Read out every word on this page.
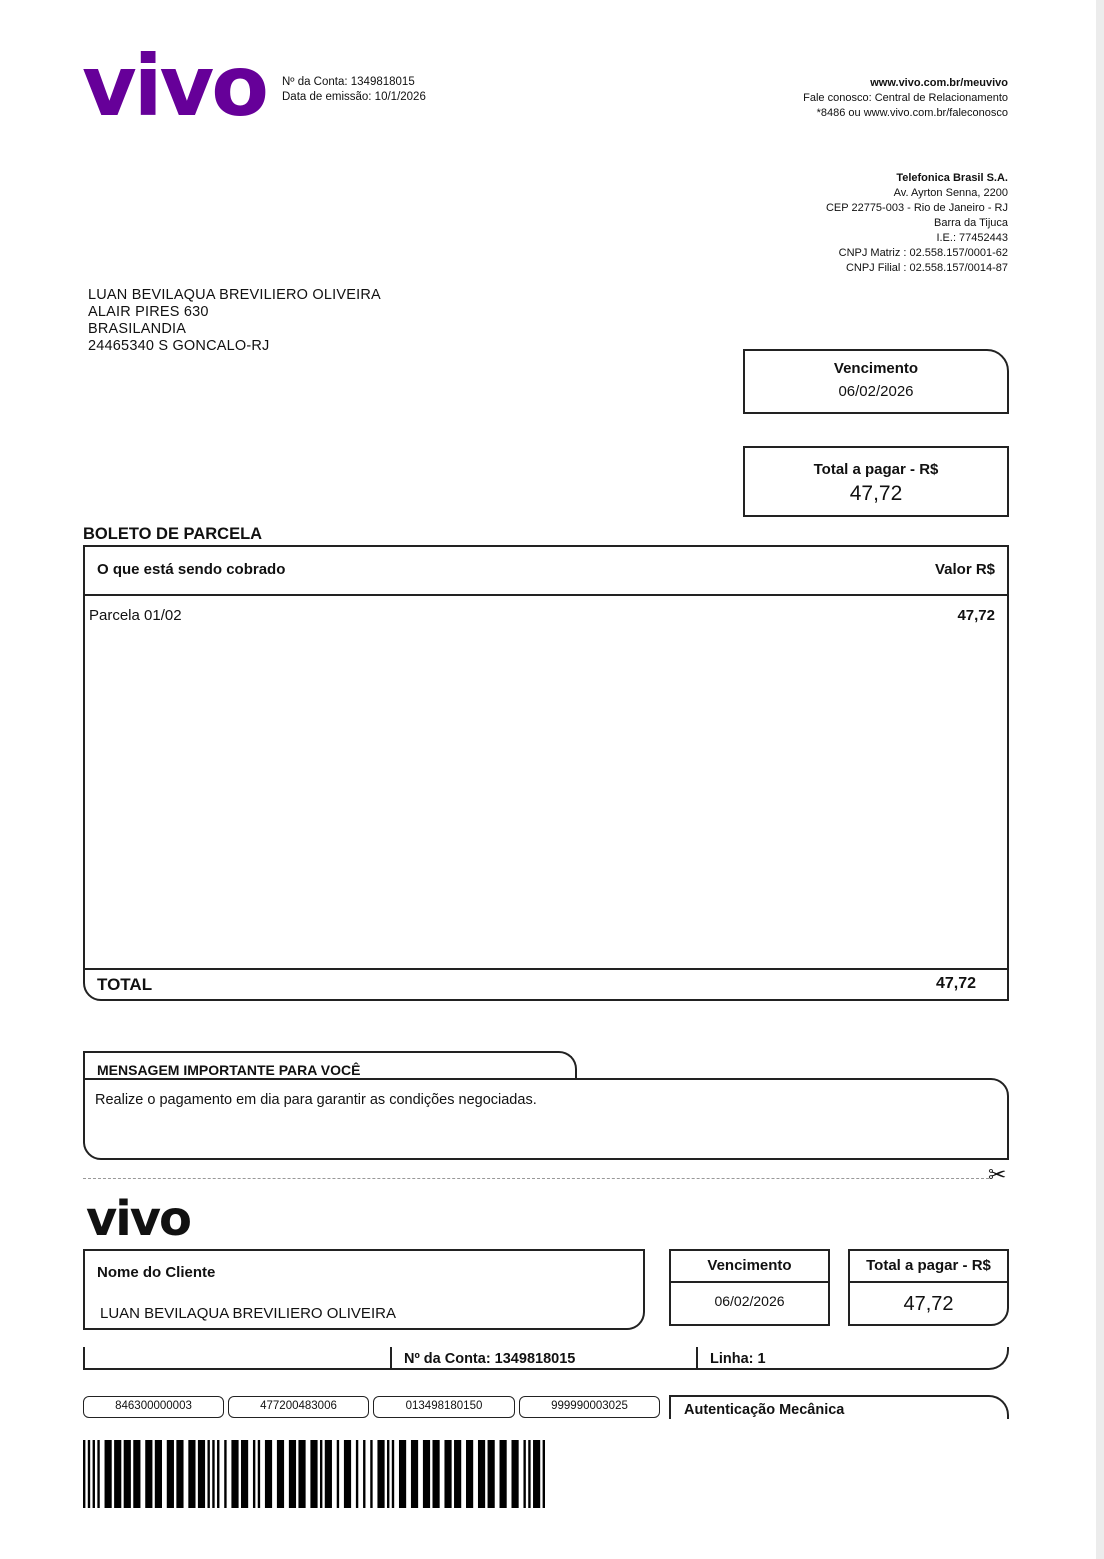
vivo Nº da Conta: 1349818015
Data de emissão: 10/1/2026
www.vivo.com.br/meuvivo
Fale conosco: Central de Relacionamento
*8486 ou www.vivo.com.br/faleconosco
Telefonica Brasil S.A.
Av. Ayrton Senna, 2200
CEP 22775-003 - Rio de Janeiro - RJ
Barra da Tijuca
I.E.: 77452443
CNPJ Matriz : 02.558.157/0001-62
CNPJ Filial : 02.558.157/0014-87
LUAN BEVILAQUA BREVILIERO OLIVEIRA
ALAIR PIRES 630
BRASILANDIA
24465340 S GONCALO-RJ
Vencimento
06/02/2026
Total a pagar - R$
47,72
BOLETO DE PARCELA
O que está sendo cobrado	Valor R$
Parcela 01/02	47,72
TOTAL	47,72
MENSAGEM IMPORTANTE PARA VOCÊ
Realize o pagamento em dia para garantir as condições negociadas.
✂
vivo
Nome do Cliente
LUAN BEVILAQUA BREVILIERO OLIVEIRA
Vencimento
06/02/2026
Total a pagar - R$
47,72
Nº da Conta: 1349818015	Linha: 1
846300000003	477200483006	013498180150	999990003025	Autenticação Mecânica
